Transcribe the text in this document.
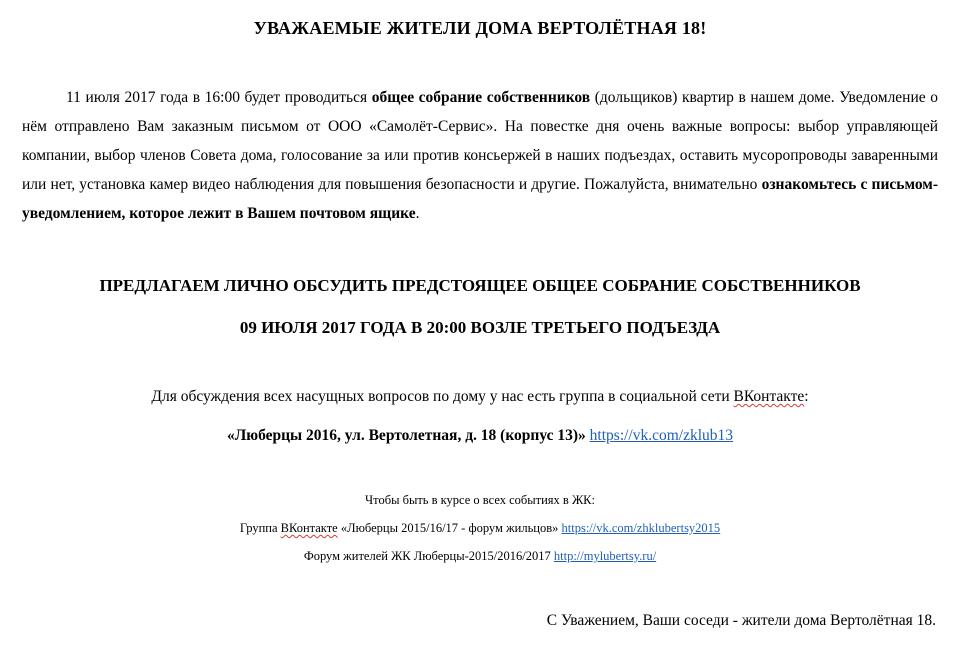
УВАЖАЕМЫЕ ЖИТЕЛИ ДОМА ВЕРТОЛЁТНАЯ 18!
11 июля 2017 года в 16:00 будет проводиться общее собрание собственников (дольщиков) квартир в нашем доме. Уведомление о нём отправлено Вам заказным письмом от ООО «Самолёт-Сервис». На повестке дня очень важные вопросы: выбор управляющей компании, выбор членов Совета дома, голосование за или против консьержей в наших подъездах, оставить мусоропроводы заваренными или нет, установка камер видео наблюдения для повышения безопасности и другие. Пожалуйста, внимательно ознакомьтесь с письмом-уведомлением, которое лежит в Вашем почтовом ящике.
ПРЕДЛАГАЕМ ЛИЧНО ОБСУДИТЬ ПРЕДСТОЯЩЕЕ ОБЩЕЕ СОБРАНИЕ СОБСТВЕННИКОВ
09 ИЮЛЯ 2017 ГОДА В 20:00 ВОЗЛЕ ТРЕТЬЕГО ПОДЪЕЗДА
Для обсуждения всех насущных вопросов по дому у нас есть группа в социальной сети ВКонтакте:
«Люберцы 2016, ул. Вертолетная, д. 18 (корпус 13)» https://vk.com/zklub13
Чтобы быть в курсе о всех событиях в ЖК:
Группа ВКонтакте «Люберцы 2015/16/17 - форум жильцов» https://vk.com/zhklubertsy2015
Форум жителей ЖК Люберцы-2015/2016/2017 http://mylubertsy.ru/
С Уважением, Ваши соседи - жители дома Вертолётная 18.
